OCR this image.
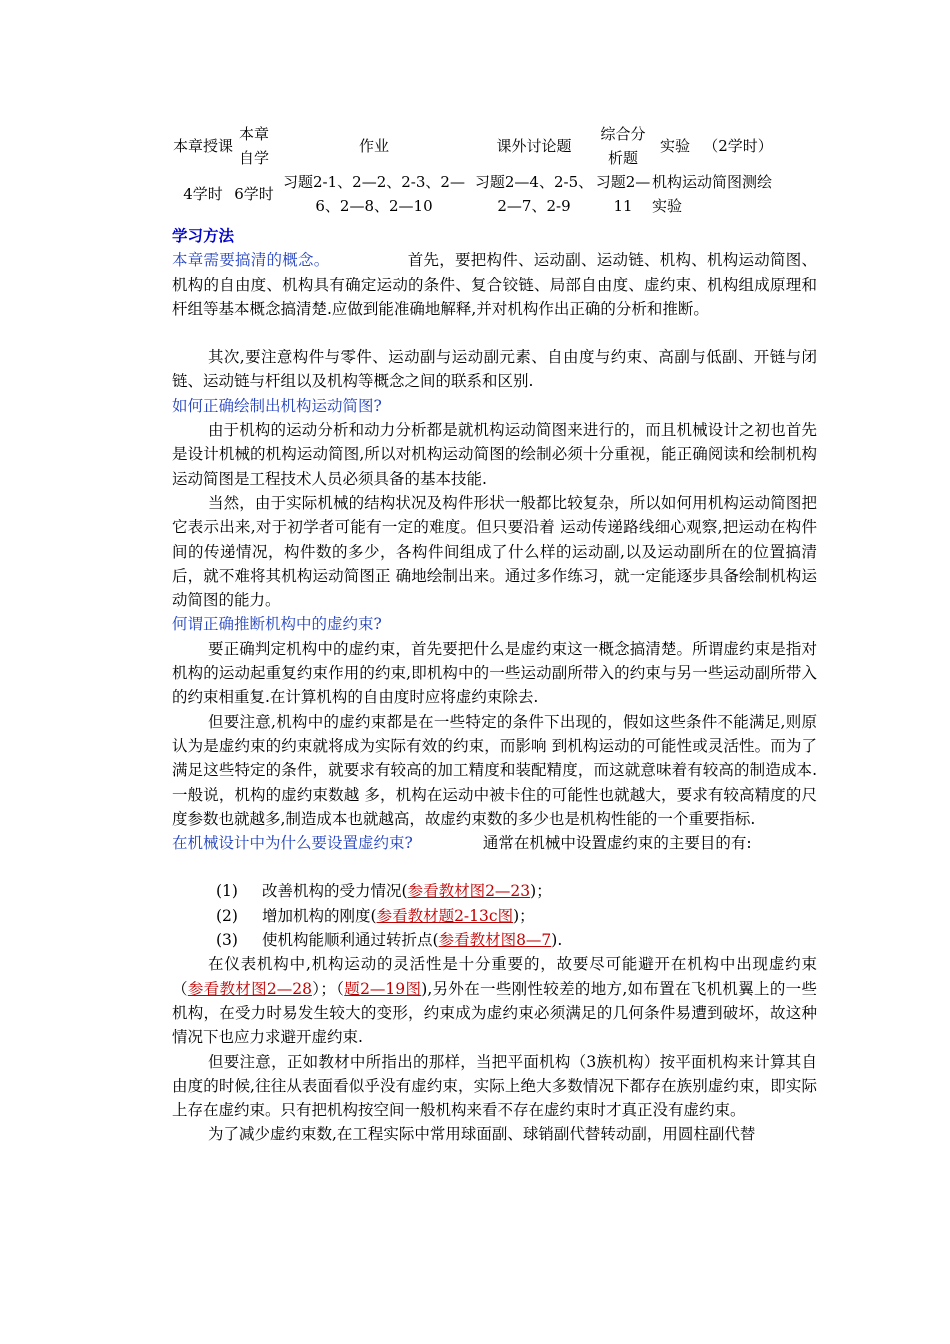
本章授课	本章自学	作业	课外讨论题	综合分析题	实验	（2学时）
4学时	6学时	习题2-1、2—2、2-3、2—6、2—8、2—10	习题2—4、2-5、2—7、2-9	习题2—11	机构运动简图测绘实验	

学习方法

本章需要搞清的概念。	首先，要把构件、运动副、运动链、机构、机构运动简图、机构的自由度、机构具有确定运动的条件、复合铰链、局部自由度、虚约束、机构组成原理和杆组等基本概念搞清楚.应做到能准确地解释,并对机构作出正确的分析和推断。

其次,要注意构件与零件、运动副与运动副元素、自由度与约束、高副与低副、开链与闭链、运动链与杆组以及机构等概念之间的联系和区别.

如何正确绘制出机构运动简图?

由于机构的运动分析和动力分析都是就机构运动简图来进行的，而且机械设计之初也首先是设计机械的机构运动简图,所以对机构运动简图的绘制必须十分重视，能正确阅读和绘制机构运动简图是工程技术人员必须具备的基本技能.

当然，由于实际机械的结构状况及构件形状一般都比较复杂，所以如何用机构运动简图把它表示出来,对于初学者可能有一定的难度。但只要沿着 运动传递路线细心观察,把运动在构件间的传递情况，构件数的多少，各构件间组成了什么样的运动副,以及运动副所在的位置搞清后，就不难将其机构运动简图正 确地绘制出来。通过多作练习，就一定能逐步具备绘制机构运动简图的能力。

何谓正确推断机构中的虚约束?

要正确判定机构中的虚约束，首先要把什么是虚约束这一概念搞清楚。所谓虚约束是指对机构的运动起重复约束作用的约束,即机构中的一些运动副所带入的约束与另一些运动副所带入的约束相重复.在计算机构的自由度时应将虚约束除去.

但要注意,机构中的虚约束都是在一些特定的条件下出现的，假如这些条件不能满足,则原认为是虚约束的约束就将成为实际有效的约束，而影响 到机构运动的可能性或灵活性。而为了满足这些特定的条件，就要求有较高的加工精度和装配精度，而这就意味着有较高的制造成本.一般说，机构的虚约束数越 多，机构在运动中被卡住的可能性也就越大，要求有较高精度的尺度参数也就越多,制造成本也就越高，故虚约束数的多少也是机构性能的一个重要指标.

在机械设计中为什么要设置虚约束?	通常在机械中设置虚约束的主要目的有:

(1) 改善机构的受力情况(参看教材图2—23)；

(2) 增加机构的刚度(参看教材题2-13c图)；

(3) 使机构能顺利通过转折点(参看教材图8—7).

在仪表机构中,机构运动的灵活性是十分重要的，故要尽可能避开在机构中出现虚约束（参看教材图2—28）；（题2—19图),另外在一些刚性较差的地方,如布置在飞机机翼上的一些机构，在受力时易发生较大的变形，约束成为虚约束必须满足的几何条件易遭到破坏，故这种情况下也应力求避开虚约束.

但要注意，正如教材中所指出的那样，当把平面机构（3族机构）按平面机构来计算其自由度的时候,往往从表面看似乎没有虚约束，实际上绝大多数情况下都存在族别虚约束，即实际上存在虚约束。只有把机构按空间一般机构来看不存在虚约束时才真正没有虚约束。

为了减少虚约束数,在工程实际中常用球面副、球销副代替转动副，用圆柱副代替
